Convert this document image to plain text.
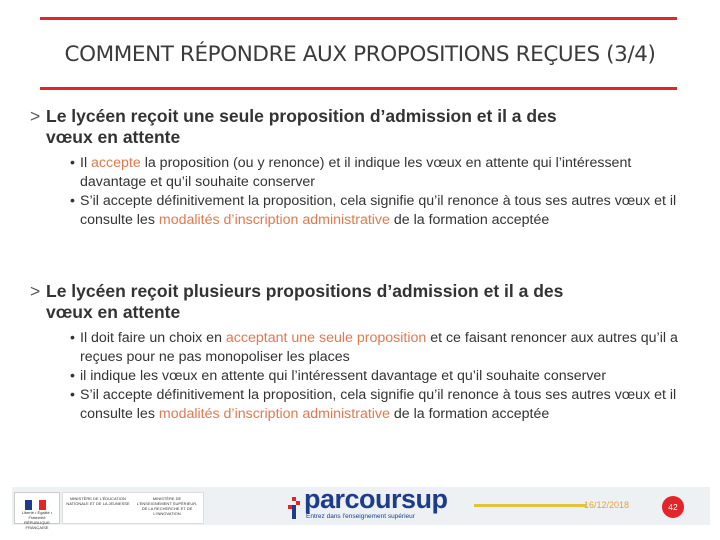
COMMENT RÉPONDRE AUX PROPOSITIONS REÇUES (3/4)
> Le lycéen reçoit une seule proposition d’admission et il a des
vœux en attente
• Il accepte la proposition (ou y renonce) et il indique les vœux en attente qui l’intéressent davantage et qu’il souhaite conserver
• S’il accepte définitivement la proposition, cela signifie qu’il renonce à tous ses autres vœux et il consulte les modalités d’inscription administrative de la formation acceptée
> Le lycéen reçoit plusieurs propositions d’admission et il a des
vœux en attente
• Il doit faire un choix en acceptant une seule proposition et ce faisant renoncer aux autres qu’il a reçues pour ne pas monopoliser les places
• il indique les vœux en attente qui l’intéressent davantage et qu’il souhaite conserver
• S’il accepte définitivement la proposition, cela signifie qu’il renonce à tous ses autres vœux et il consulte les modalités d’inscription administrative de la formation acceptée
Liberté • Égalité • Fraternité RÉPUBLIQUE FRANÇAISE
MINISTÈRE DE L'ÉDUCATION NATIONALE ET DE LA JEUNESSE
MINISTÈRE DE L'ENSEIGNEMENT SUPÉRIEUR, DE LA RECHERCHE ET DE L'INNOVATION	parcoursup
Entrez dans l'enseignement supérieur
16/12/2018	42
